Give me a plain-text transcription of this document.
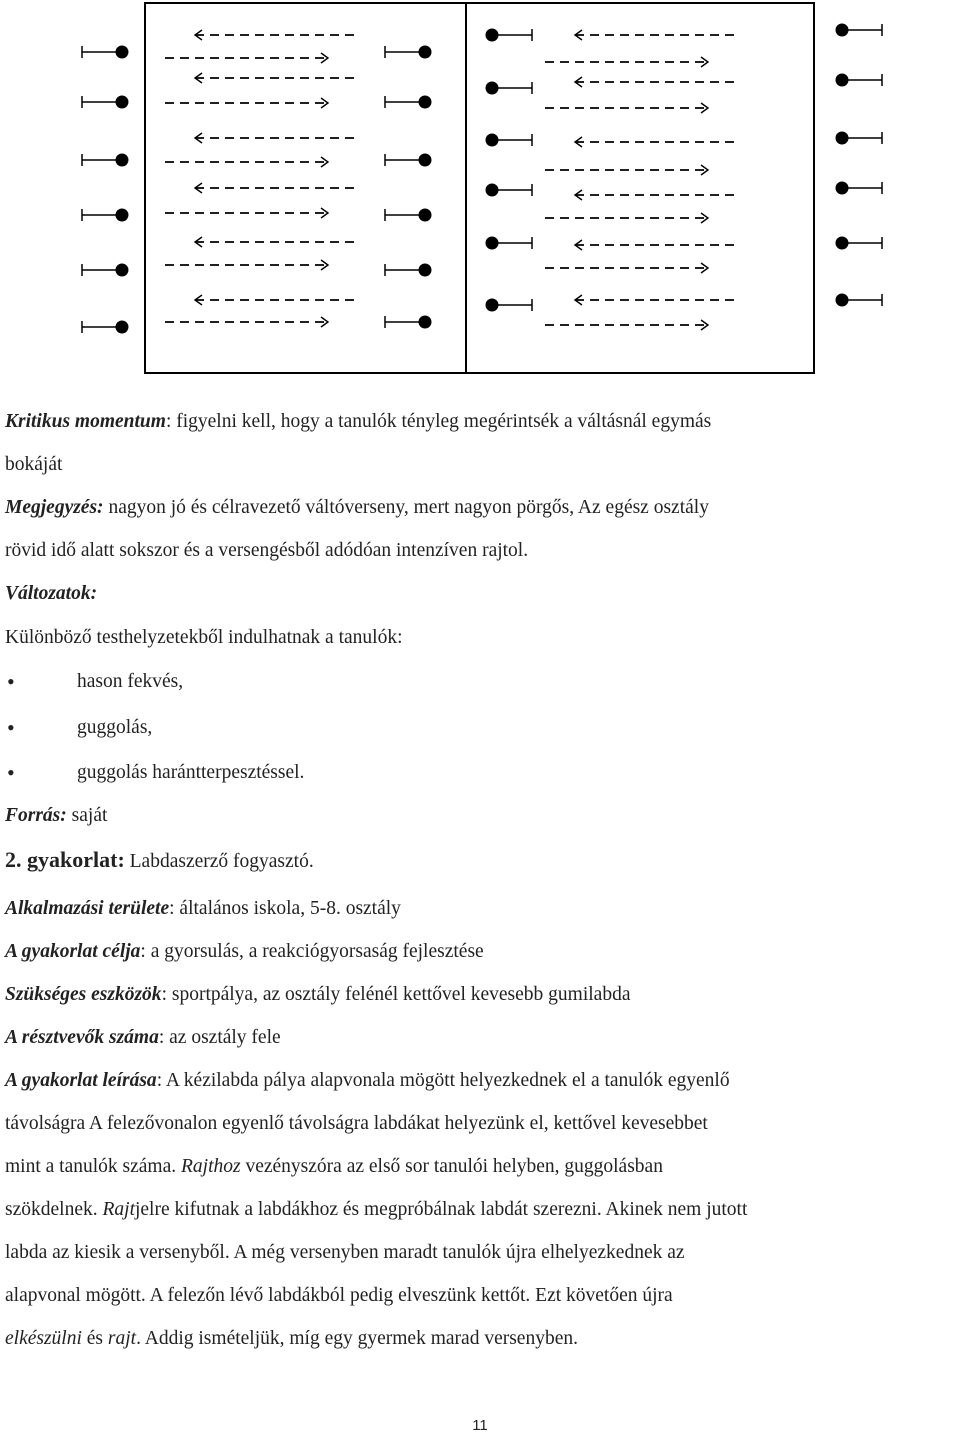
Kritikus momentum: figyelni kell, hogy a tanulók tényleg megérintsék a váltásnál egymás
bokáját
Megjegyzés: nagyon jó és célravezető váltóverseny, mert nagyon pörgős, Az egész osztály
rövid idő alatt sokszor és a versengésből adódóan intenzíven rajtol.
Változatok:
Különböző testhelyzetekből indulhatnak a tanulók:
•	hason fekvés,
•	guggolás,
•	guggolás harántterpesztéssel.
Forrás: saját
2. gyakorlat: Labdaszerző fogyasztó.
Alkalmazási területe: általános iskola, 5-8. osztály
A gyakorlat célja: a gyorsulás, a reakciógyorsaság fejlesztése
Szükséges eszközök: sportpálya, az osztály felénél kettővel kevesebb gumilabda
A résztvevők száma: az osztály fele
A gyakorlat leírása: A kézilabda pálya alapvonala mögött helyezkednek el a tanulók egyenlő
távolságra A felezővonalon egyenlő távolságra labdákat helyezünk el, kettővel kevesebbet
mint a tanulók száma. Rajthoz vezényszóra az első sor tanulói helyben, guggolásban
szökdelnek. Rajtjelre kifutnak a labdákhoz és megpróbálnak labdát szerezni. Akinek nem jutott
labda az kiesik a versenyből. A még versenyben maradt tanulók újra elhelyezkednek az
alapvonal mögött. A felezőn lévő labdákból pedig elveszünk kettőt. Ezt követően újra
elkészülni és rajt. Addig ismételjük, míg egy gyermek marad versenyben.
11
